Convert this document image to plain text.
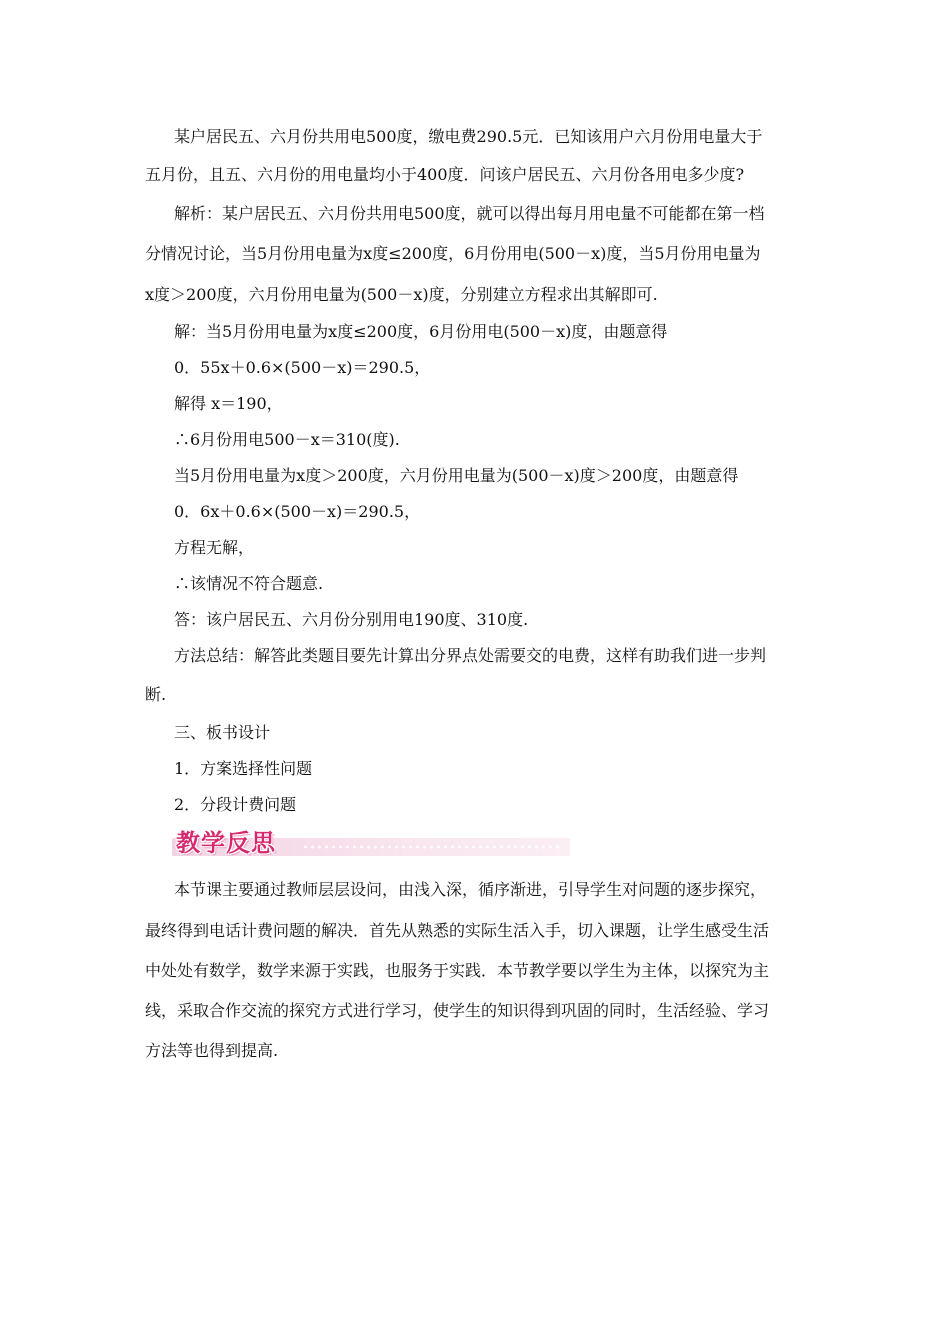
某户居民五、六月份共用电500度，缴电费290.5元．已知该用户六月份用电量大于
五月份，且五、六月份的用电量均小于400度．问该户居民五、六月份各用电多少度?
解析：某户居民五、六月份共用电500度，就可以得出每月用电量不可能都在第一档
分情况讨论，当5月份用电量为x度≤200度，6月份用电(500－x)度，当5月份用电量为
x度＞200度，六月份用电量为(500－x)度，分别建立方程求出其解即可.
解：当5月份用电量为x度≤200度，6月份用电(500－x)度，由题意得
0．55x＋0.6×(500－x)＝290.5，
解得 x＝190，
∴6月份用电500－x＝310(度).
当5月份用电量为x度＞200度，六月份用电量为(500－x)度＞200度，由题意得
0．6x＋0.6×(500－x)＝290.5，
方程无解，
∴该情况不符合题意.
答：该户居民五、六月份分别用电190度、310度.
方法总结：解答此类题目要先计算出分界点处需要交的电费，这样有助我们进一步判
断.
三、板书设计
1．方案选择性问题
2．分段计费问题
教学反思
本节课主要通过教师层层设问，由浅入深，循序渐进，引导学生对问题的逐步探究，
最终得到电话计费问题的解决．首先从熟悉的实际生活入手，切入课题，让学生感受生活
中处处有数学，数学来源于实践，也服务于实践．本节教学要以学生为主体，以探究为主
线，采取合作交流的探究方式进行学习，使学生的知识得到巩固的同时，生活经验、学习
方法等也得到提高.
